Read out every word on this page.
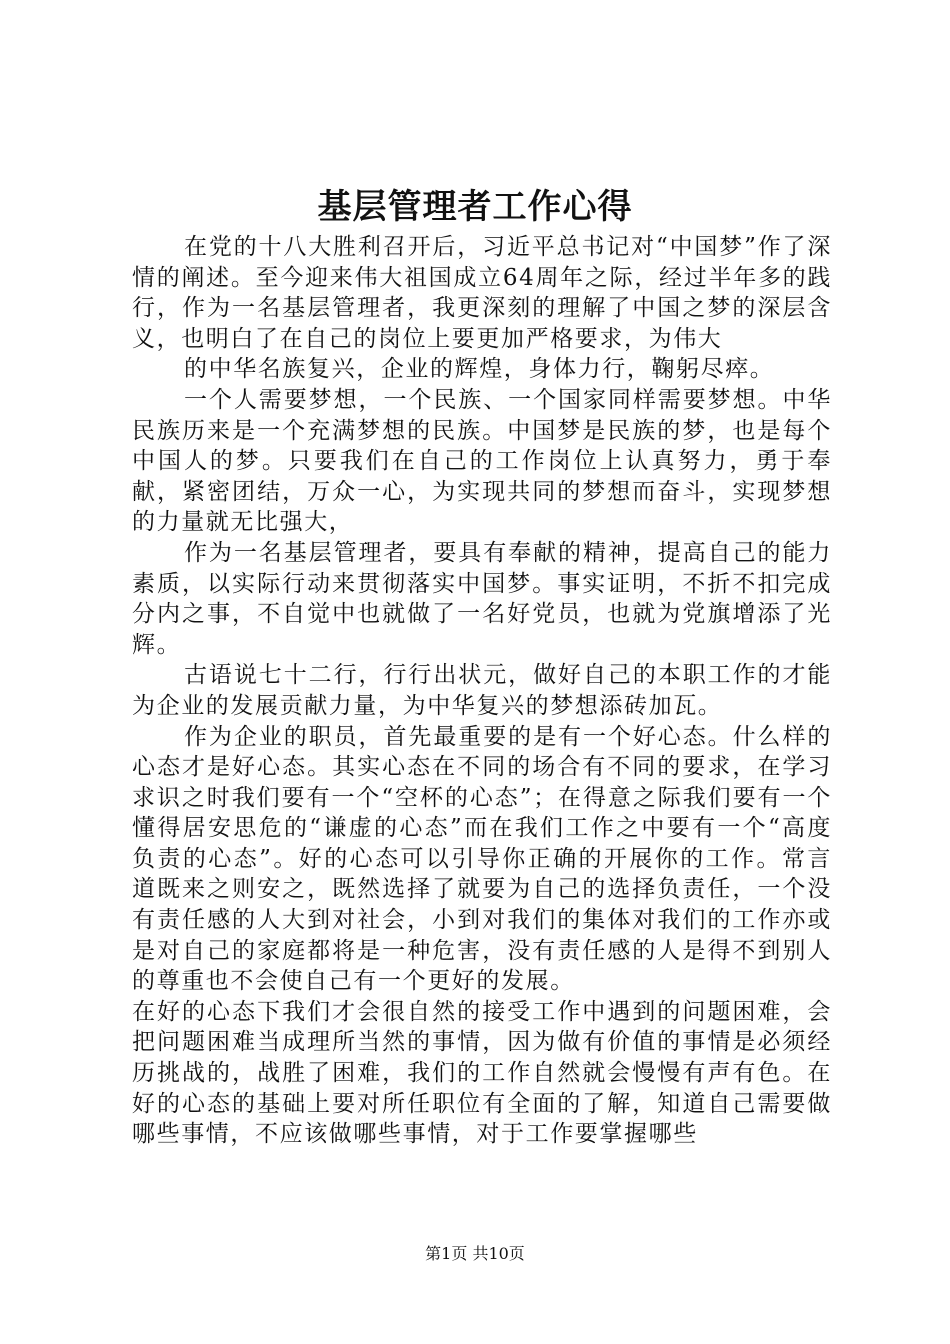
基层管理者工作心得

在党的十八大胜利召开后，习近平总书记对“中国梦”作了深情的阐述。至今迎来伟大祖国成立64周年之际，经过半年多的践行，作为一名基层管理者，我更深刻的理解了中国之梦的深层含义，也明白了在自己的岗位上要更加严格要求，为伟大

的中华名族复兴，企业的辉煌，身体力行，鞠躬尽瘁。

一个人需要梦想，一个民族、一个国家同样需要梦想。中华民族历来是一个充满梦想的民族。中国梦是民族的梦，也是每个中国人的梦。只要我们在自己的工作岗位上认真努力，勇于奉献，紧密团结，万众一心，为实现共同的梦想而奋斗，实现梦想的力量就无比强大，

作为一名基层管理者，要具有奉献的精神，提高自己的能力素质，以实际行动来贯彻落实中国梦。事实证明，不折不扣完成分内之事，不自觉中也就做了一名好党员，也就为党旗增添了光辉。

古语说七十二行，行行出状元，做好自己的本职工作的才能为企业的发展贡献力量，为中华复兴的梦想添砖加瓦。

作为企业的职员，首先最重要的是有一个好心态。什么样的心态才是好心态。其实心态在不同的场合有不同的要求，在学习求识之时我们要有一个“空杯的心态”；在得意之际我们要有一个懂得居安思危的“谦虚的心态”而在我们工作之中要有一个“高度负责的心态”。好的心态可以引导你正确的开展你的工作。常言道既来之则安之，既然选择了就要为自己的选择负责任，一个没有责任感的人大到对社会，小到对我们的集体对我们的工作亦或是对自己的家庭都将是一种危害，没有责任感的人是得不到别人的尊重也不会使自己有一个更好的发展。

在好的心态下我们才会很自然的接受工作中遇到的问题困难，会把问题困难当成理所当然的事情，因为做有价值的事情是必须经历挑战的，战胜了困难，我们的工作自然就会慢慢有声有色。在好的心态的基础上要对所任职位有全面的了解，知道自己需要做哪些事情，不应该做哪些事情，对于工作要掌握哪些

第1页 共10页
